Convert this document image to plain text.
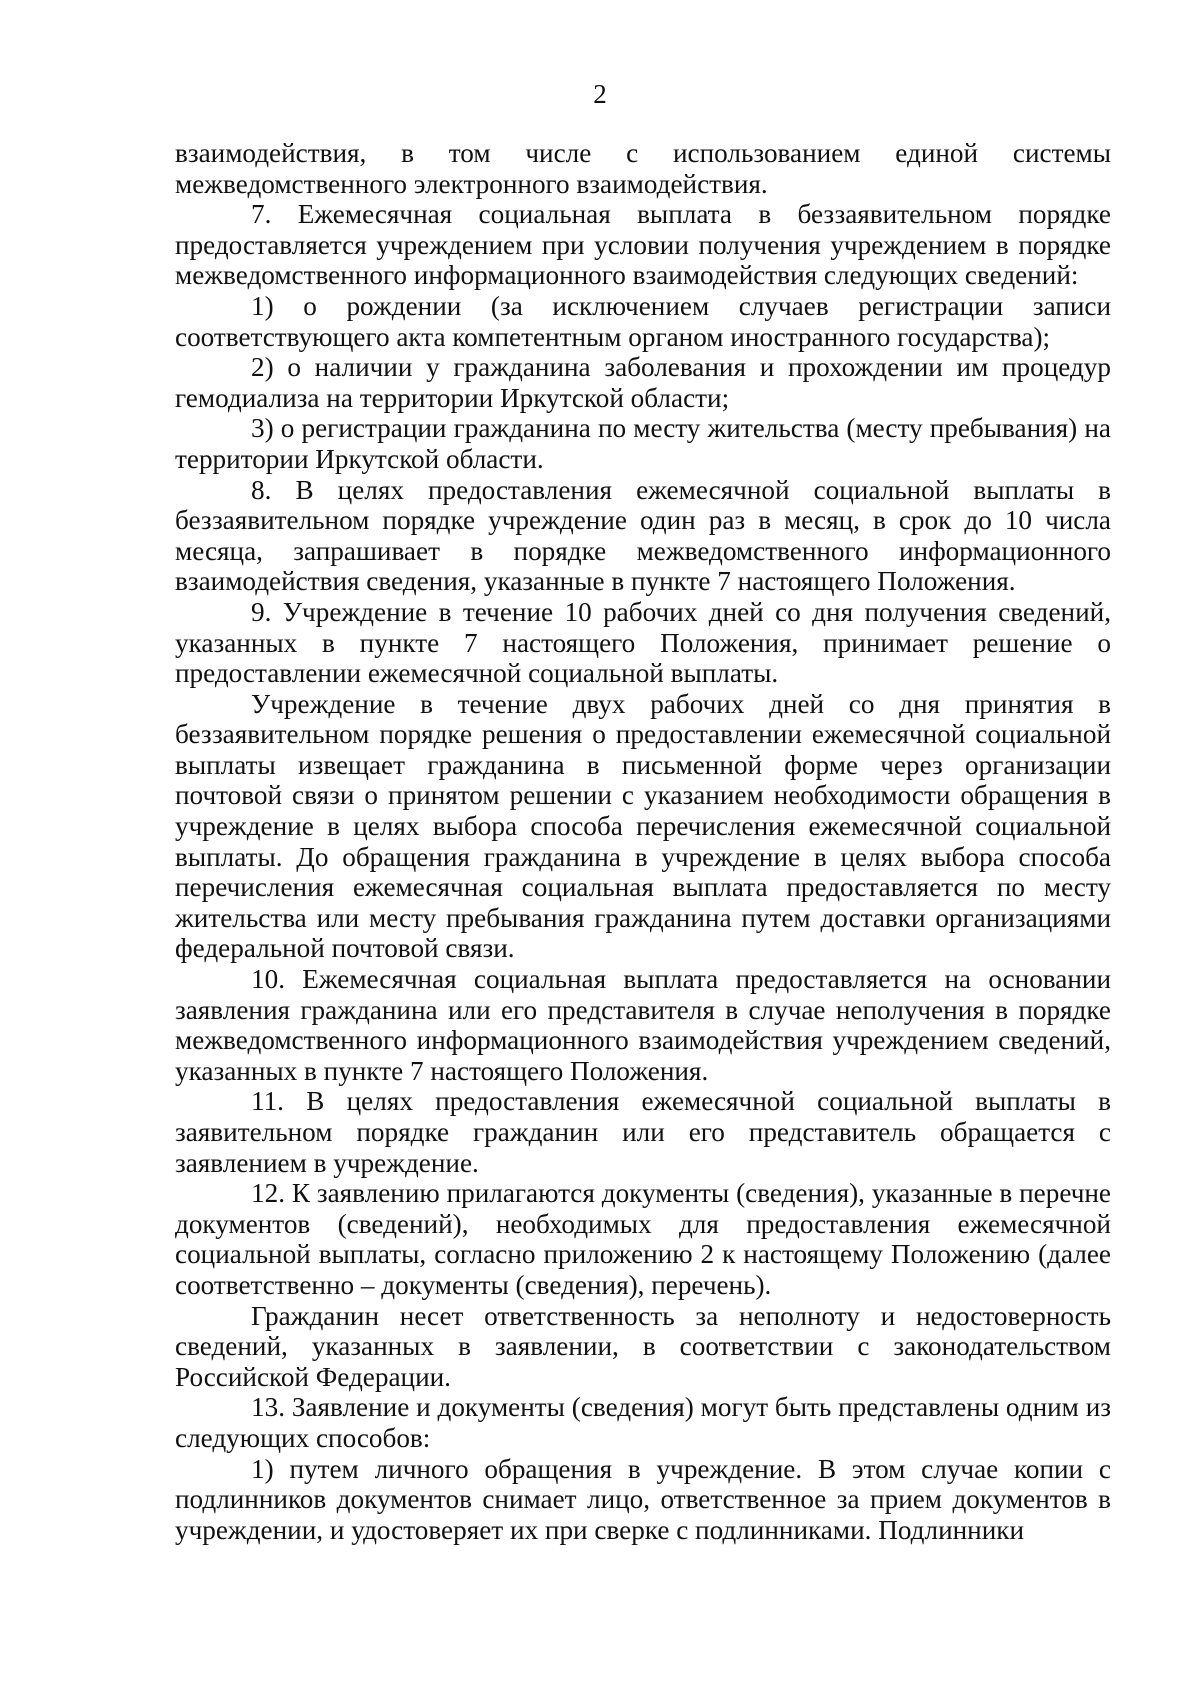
2

взаимодействия, в том числе с использованием единой системы межведомственного электронного взаимодействия.

7. Ежемесячная социальная выплата в беззаявительном порядке предоставляется учреждением при условии получения учреждением в порядке межведомственного информационного взаимодействия следующих сведений:

1) о рождении (за исключением случаев регистрации записи соответствующего акта компетентным органом иностранного государства);

2) о наличии у гражданина заболевания и прохождении им процедур гемодиализа на территории Иркутской области;

3) о регистрации гражданина по месту жительства (месту пребывания) на территории Иркутской области.

8. В целях предоставления ежемесячной социальной выплаты в беззаявительном порядке учреждение один раз в месяц, в срок до 10 числа месяца, запрашивает в порядке межведомственного информационного взаимодействия сведения, указанные в пункте 7 настоящего Положения.

9. Учреждение в течение 10 рабочих дней со дня получения сведений, указанных в пункте 7 настоящего Положения, принимает решение о предоставлении ежемесячной социальной выплаты.

Учреждение в течение двух рабочих дней со дня принятия в беззаявительном порядке решения о предоставлении ежемесячной социальной выплаты извещает гражданина в письменной форме через организации почтовой связи о принятом решении с указанием необходимости обращения в учреждение в целях выбора способа перечисления ежемесячной социальной выплаты. До обращения гражданина в учреждение в целях выбора способа перечисления ежемесячная социальная выплата предоставляется по месту жительства или месту пребывания гражданина путем доставки организациями федеральной почтовой связи.

10. Ежемесячная социальная выплата предоставляется на основании заявления гражданина или его представителя в случае неполучения в порядке межведомственного информационного взаимодействия учреждением сведений, указанных в пункте 7 настоящего Положения.

11. В целях предоставления ежемесячной социальной выплаты в заявительном порядке гражданин или его представитель обращается с заявлением в учреждение.

12. К заявлению прилагаются документы (сведения), указанные в перечне документов (сведений), необходимых для предоставления ежемесячной социальной выплаты, согласно приложению 2 к настоящему Положению (далее соответственно – документы (сведения), перечень).

Гражданин несет ответственность за неполноту и недостоверность сведений, указанных в заявлении, в соответствии с законодательством Российской Федерации.

13. Заявление и документы (сведения) могут быть представлены одним из следующих способов:

1) путем личного обращения в учреждение. В этом случае копии с подлинников документов снимает лицо, ответственное за прием документов в учреждении, и удостоверяет их при сверке с подлинниками. Подлинники
